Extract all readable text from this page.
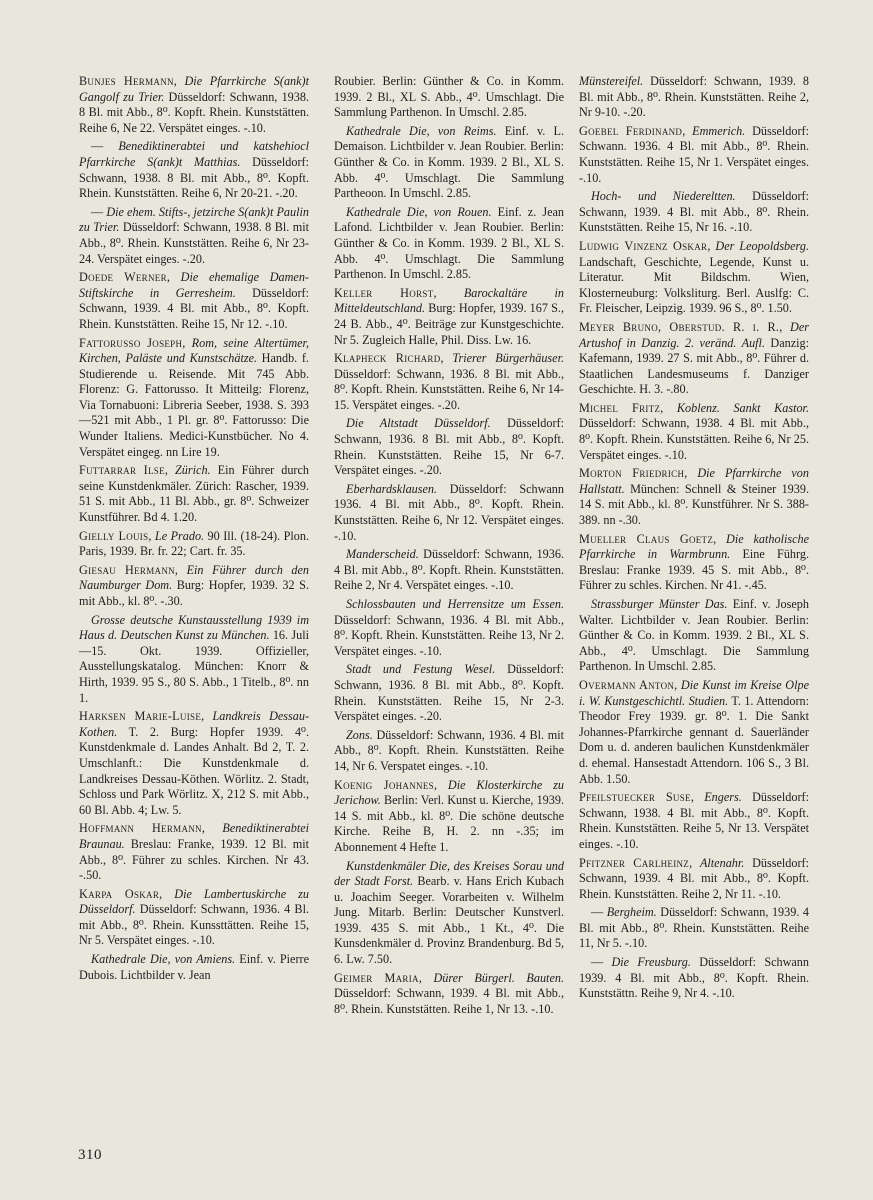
Bunjes Hermann, Die Pfarrkirche S(ank)t Gangolf zu Trier. Düsseldorf: Schwann, 1938. 8 Bl. mit Abb., 8⁰. Kopft. Rhein. Kunststätten. Reihe 6, Ne 22. Verspätet einges. -.10.

— Benediktinerabtei und katshehiocl Pfarrkirche S(ank)t Matthias. Düsseldorf: Schwann, 1938. 8 Bl. mit Abb., 8⁰. Kopft. Rhein. Kunststätten. Reihe 6, Nr 20-21. -.20.

— Die ehem. Stifts-, jetzirche S(ank)t Paulin zu Trier. Düsseldorf: Schwann, 1938. 8 Bl. mit Abb., 8⁰. Rhein. Kunststätten. Reihe 6, Nr 23-24. Verspätet einges. -.20.

Doede Werner, Die ehemalige Damen-Stiftskirche in Gerresheim. Düsseldorf: Schwann, 1939. 4 Bl. mit Abb., 8⁰. Kopft. Rhein. Kunststätten. Reihe 15, Nr 12. -.10.

Fattorusso Joseph, Rom, seine Altertümer, Kirchen, Paläste und Kunstschätze. Handb. f. Studierende u. Reisende. Mit 745 Abb. Florenz: G. Fattorusso. It Mitteilg: Florenz, Via Tornabuoni: Libreria Seeber, 1938. S. 393—521 mit Abb., 1 Pl. gr. 8⁰. Fattorusso: Die Wunder Italiens. Medici-Kunstbücher. No 4. Verspätet eingeg. nn Lire 19.

Futtarrar Ilse, Zürich. Ein Führer durch seine Kunstdenkmäler. Zürich: Rascher, 1939. 51 S. mit Abb., 11 Bl. Abb., gr. 8⁰. Schweizer Kunstführer. Bd 4. 1.20.

Gielly Louis, Le Prado. 90 Ill. (18-24). Plon. Paris, 1939. Br. fr. 22; Cart. fr. 35.

Giesau Hermann, Ein Führer durch den Naumburger Dom. Burg: Hopfer, 1939. 32 S. mit Abb., kl. 8⁰. -.30.

Grosse deutsche Kunstausstellung 1939 im Haus d. Deutschen Kunst zu München. 16. Juli—15. Okt. 1939. Offizieller, Ausstellungskatalog. München: Knorr & Hirth, 1939. 95 S., 80 S. Abb., 1 Titelb., 8⁰. nn 1.

Harksen Marie-Luise, Landkreis Dessau-Kothen. T. 2. Burg: Hopfer 1939. 4⁰. Kunstdenkmale d. Landes Anhalt. Bd 2, T. 2. Umschlanft.: Die Kunstdenkmale d. Landkreises Dessau-Köthen. Wörlitz. 2. Stadt, Schloss und Park Wörlitz. X, 212 S. mit Abb., 60 Bl. Abb. 4; Lw. 5.

Hoffmann Hermann, Benediktinerabtei Braunau. Breslau: Franke, 1939. 12 Bl. mit Abb., 8⁰. Führer zu schles. Kirchen. Nr 43. -.50.

Karpa Oskar, Die Lambertuskirche zu Düsseldorf. Düsseldorf: Schwann, 1936. 4 Bl. mit Abb., 8⁰. Rhein. Kunssttätten. Reihe 15, Nr 5. Verspätet einges. -.10.

Kathedrale Die, von Amiens. Einf. v. Pierre Dubois. Lichtbilder v. Jean

Roubier. Berlin: Günther & Co. in Komm. 1939. 2 Bl., XL S. Abb., 4⁰. Umschlagt. Die Sammlung Parthenon. In Umschl. 2.85.

Kathedrale Die, von Reims. Einf. v. L. Demaison. Lichtbilder v. Jean Roubier. Berlin: Günther & Co. in Komm. 1939. 2 Bl., XL S. Abb. 4⁰. Umschlagt. Die Sammlung Partheoon. In Umschl. 2.85.

Kathedrale Die, von Rouen. Einf. z. Jean Lafond. Lichtbilder v. Jean Roubier. Berlin: Günther & Co. in Komm. 1939. 2 Bl., XL S. Abb. 4⁰. Umschlagt. Die Sammlung Parthenon. In Umschl. 2.85.

Keller Horst, Barockaltäre in Mitteldeutschland. Burg: Hopfer, 1939. 167 S., 24 B. Abb., 4⁰. Beiträge zur Kunstgeschichte. Nr 5. Zugleich Halle, Phil. Diss. Lw. 16.

Klapheck Richard, Trierer Bürgerhäuser. Düsseldorf: Schwann, 1936. 8 Bl. mit Abb., 8⁰. Kopft. Rhein. Kunststätten. Reihe 6, Nr 14-15. Verspätet einges. -.20.

Die Altstadt Düsseldorf. Düsseldorf: Schwann, 1936. 8 Bl. mit Abb., 8⁰. Kopft. Rhein. Kunststätten. Reihe 15, Nr 6-7. Verspätet einges. -.20.

Eberhardsklausen. Düsseldorf: Schwann 1936. 4 Bl. mit Abb., 8⁰. Kopft. Rhein. Kunststätten. Reihe 6, Nr 12. Verspätet einges. -.10.

Manderscheid. Düsseldorf: Schwann, 1936. 4 Bl. mit Abb., 8⁰. Kopft. Rhein. Kunststätten. Reihe 2, Nr 4. Verspätet einges. -.10.

Schlossbauten und Herrensitze um Essen. Düsseldorf: Schwann, 1936. 4 Bl. mit Abb., 8⁰. Kopft. Rhein. Kunststätten. Reihe 13, Nr 2. Verspätet einges. -.10.

Stadt und Festung Wesel. Düsseldorf: Schwann, 1936. 8 Bl. mit Abb., 8⁰. Kopft. Rhein. Kunststätten. Reihe 15, Nr 2-3. Verspätet einges. -.20.

Zons. Düsseldorf: Schwann, 1936. 4 Bl. mit Abb., 8⁰. Kopft. Rhein. Kunststätten. Reihe 14, Nr 6. Verspatet einges. -.10.

Koenig Johannes, Die Klosterkirche zu Jerichow. Berlin: Verl. Kunst u. Kierche, 1939. 14 S. mit Abb., kl. 8⁰. Die schöne deutsche Kirche. Reihe B, H. 2. nn -.35; im Abonnement 4 Hefte 1.

Kunstdenkmäler Die, des Kreises Sorau und der Stadt Forst. Bearb. v. Hans Erich Kubach u. Joachim Seeger. Vorarbeiten v. Wilhelm Jung. Mitarb. Berlin: Deutscher Kunstverl. 1939. 435 S. mit Abb., 1 Kt., 4⁰. Die Kunsdenkmäler d. Provinz Brandenburg. Bd 5, 6. Lw. 7.50.

Geimer Maria, Dürer Bürgerl. Bauten. Düsseldorf: Schwann, 1939. 4 Bl. mit Abb., 8⁰. Rhein. Kunststätten. Reihe 1, Nr 13. -.10.

Münstereifel. Düsseldorf: Schwann, 1939. 8 Bl. mit Abb., 8⁰. Rhein. Kunststätten. Reihe 2, Nr 9-10. -.20.

Goebel Ferdinand, Emmerich. Düsseldorf: Schwann. 1936. 4 Bl. mit Abb., 8⁰. Rhein. Kunststätten. Reihe 15, Nr 1. Verspätet einges. -.10.

Hoch- und Niedereltten. Düsseldorf: Schwann, 1939. 4 Bl. mit Abb., 8⁰. Rhein. Kunststätten. Reihe 15, Nr 16. -.10.

Ludwig Vinzenz Oskar, Der Leopoldsberg. Landschaft, Geschichte, Legende, Kunst u. Literatur. Mit Bildschm. Wien, Klosterneuburg: Volksliturg. Berl. Auslfg: C. Fr. Fleischer, Leipzig. 1939. 96 S., 8⁰. 1.50.

Meyer Bruno, Oberstud. R. i. R., Der Artushof in Danzig. 2. veränd. Aufl. Danzig: Kafemann, 1939. 27 S. mit Abb., 8⁰. Führer d. Staatlichen Landesmuseums f. Danziger Geschichte. H. 3. -.80.

Michel Fritz, Koblenz. Sankt Kastor. Düsseldorf: Schwann, 1938. 4 Bl. mit Abb., 8⁰. Kopft. Rhein. Kunststätten. Reihe 6, Nr 25. Verspätet einges. -.10.

Morton Friedrich, Die Pfarrkirche von Hallstatt. München: Schnell & Steiner 1939. 14 S. mit Abb., kl. 8⁰. Kunstführer. Nr S. 388-389. nn -.30.

Mueller Claus Goetz, Die katholische Pfarrkirche in Warmbrunn. Eine Führg. Breslau: Franke 1939. 45 S. mit Abb., 8⁰. Führer zu schles. Kirchen. Nr 41. -.45.

Strassburger Münster Das. Einf. v. Joseph Walter. Lichtbilder v. Jean Roubier. Berlin: Günther & Co. in Komm. 1939. 2 Bl., XL S. Abb., 4⁰. Umschlagt. Die Sammlung Parthenon. In Umschl. 2.85.

Overmann Anton, Die Kunst im Kreise Olpe i. W. Kunstgeschichtl. Studien. T. 1. Attendorn: Theodor Frey 1939. gr. 8⁰. 1. Die Sankt Johannes-Pfarrkirche gennant d. Sauerländer Dom u. d. anderen baulichen Kunstdenkmäler d. ehemal. Hansestadt Attendorn. 106 S., 3 Bl. Abb. 1.50.

Pfeilstuecker Suse, Engers. Düsseldorf: Schwann, 1938. 4 Bl. mit Abb., 8⁰. Kopft. Rhein. Kunststätten. Reihe 5, Nr 13. Verspätet einges. -.10.

Pfitzner Carlheinz, Altenahr. Düsseldorf: Schwann, 1939. 4 Bl. mit Abb., 8⁰. Kopft. Rhein. Kunststätten. Reihe 2, Nr 11. -.10.

— Bergheim. Düsseldorf: Schwann, 1939. 4 Bl. mit Abb., 8⁰. Rhein. Kunststätten. Reihe 11, Nr 5. -.10.

— Die Freusburg. Düsseldorf: Schwann 1939. 4 Bl. mit Abb., 8⁰. Kopft. Rhein. Kunststättn. Reihe 9, Nr 4. -.10.

310
